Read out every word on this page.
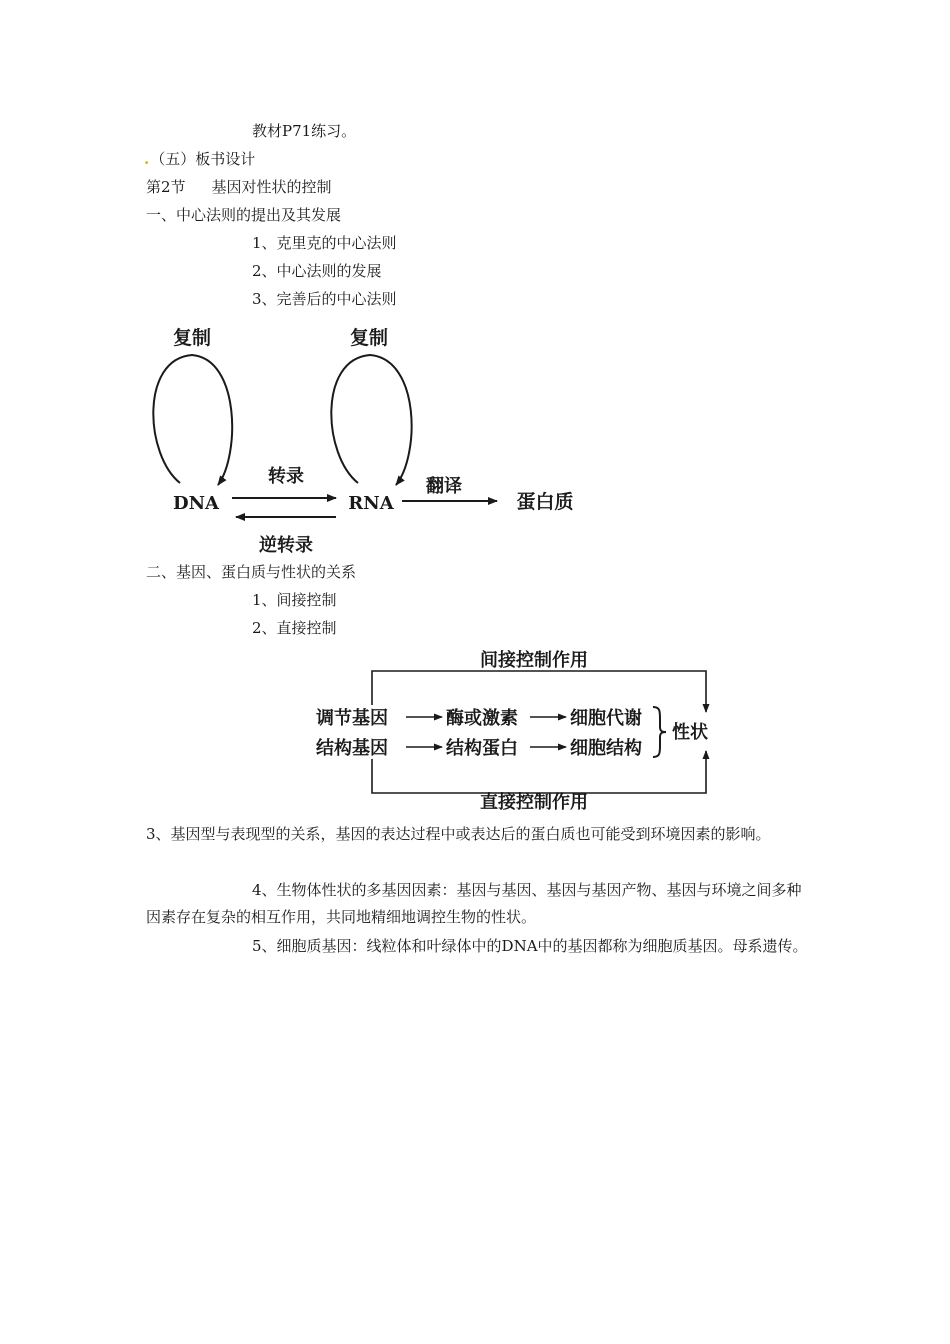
教材P71练习。
.（五）板书设计
第2节 基因对性状的控制
一、中心法则的提出及其发展
1、克里克的中心法则
2、中心法则的发展
3、完善后的中心法则
复制	复制
DNA	RNA	蛋白质
转录	翻译
逆转录
二、基因、蛋白质与性状的关系
1、间接控制
2、直接控制
间接控制作用
直接控制作用
调节基因	酶或激素	细胞代谢
结构基因	结构蛋白	细胞结构
性状
3、基因型与表现型的关系，基因的表达过程中或表达后的蛋白质也可能受到环境因素的影响。
4、生物体性状的多基因因素：基因与基因、基因与基因产物、基因与环境之间多种因素存在复杂的相互作用，共同地精细地调控生物的性状。
5、细胞质基因：线粒体和叶绿体中的DNA中的基因都称为细胞质基因。母系遗传。
